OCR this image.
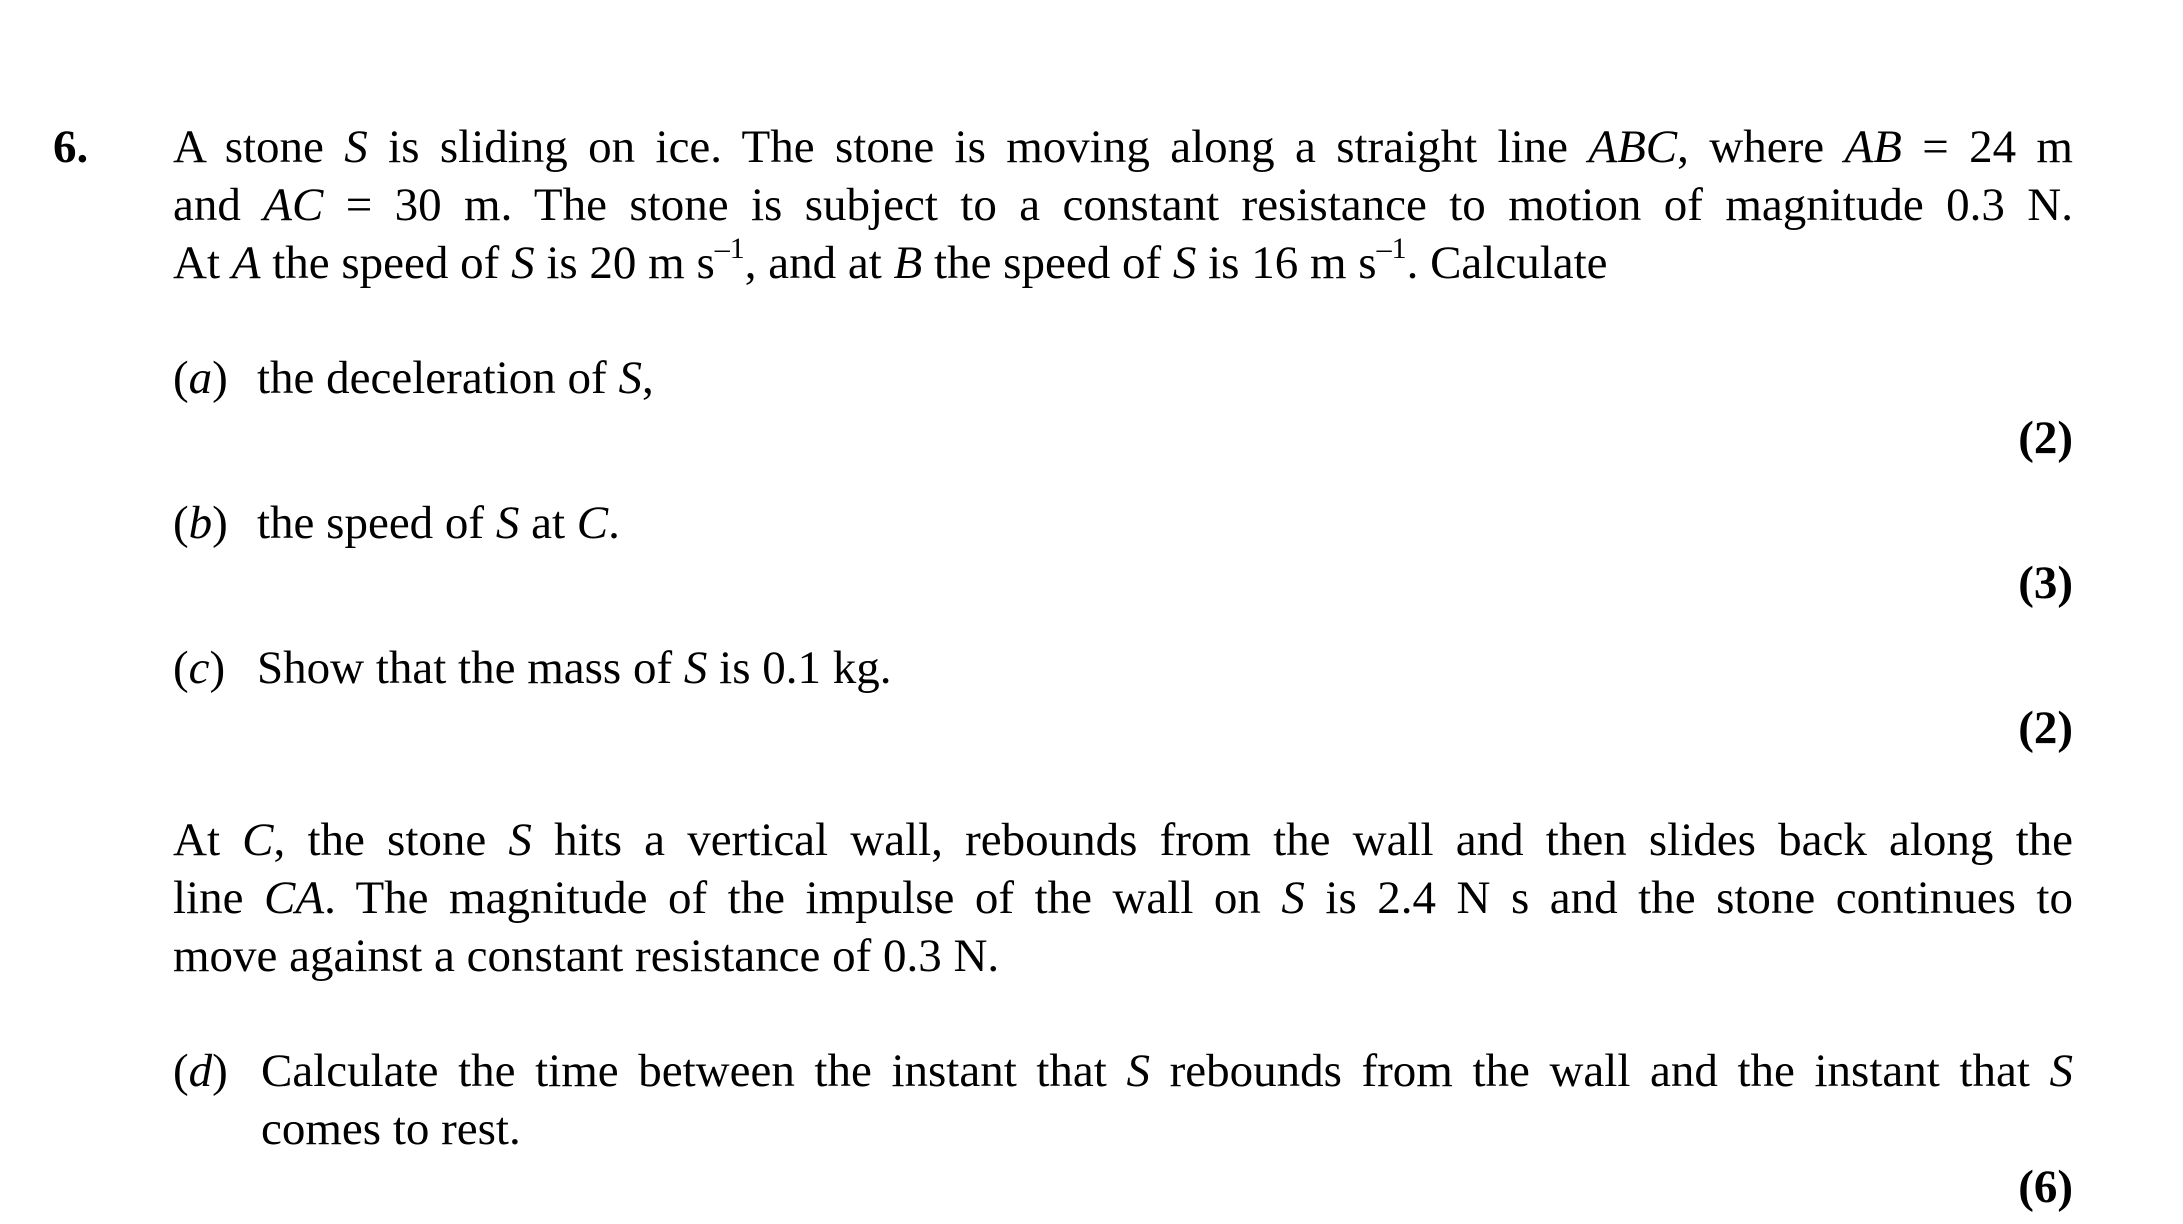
6. A stone S is sliding on ice. The stone is moving along a straight line ABC, where AB = 24 m
and AC = 30 m. The stone is subject to a constant resistance to motion of magnitude 0.3 N.
At A the speed of S is 20 m $s^{-1}$, and at B the speed of S is 16 m $s^{-1}$. Calculate
(a) the deceleration of S,
(2)
(b) the speed of S at C.
(3)
(c) Show that the mass of S is 0.1 kg.
(2)
At C, the stone S hits a vertical wall, rebounds from the wall and then slides back along the
line CA. The magnitude of the impulse of the wall on S is 2.4 N s and the stone continues to
move against a constant resistance of 0.3 N.
(d) Calculate the time between the instant that S rebounds from the wall and the instant that S
comes to rest.
(6)
